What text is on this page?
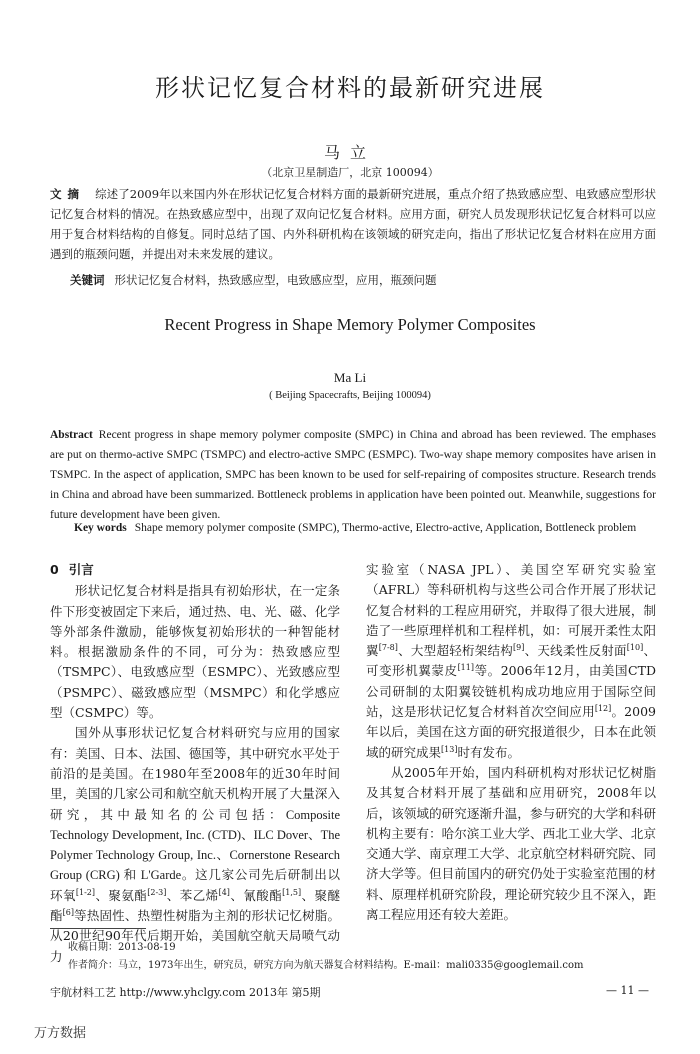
形状记忆复合材料的最新研究进展
马立
（北京卫星制造厂，北京 100094）
文摘 综述了2009年以来国内外在形状记忆复合材料方面的最新研究进展，重点介绍了热致感应型、电致感应型形状记忆复合材料的情况。在热致感应型中，出现了双向记忆复合材料。应用方面，研究人员发现形状记忆复合材料可以应用于复合材料结构的自修复。同时总结了国、内外科研机构在该领域的研究走向，指出了形状记忆复合材料在应用方面遇到的瓶颈问题，并提出对未来发展的建议。
关键词 形状记忆复合材料，热致感应型，电致感应型，应用，瓶颈问题
Recent Progress in Shape Memory Polymer Composites
Ma Li
( Beijing Spacecrafts, Beijing 100094)
Abstract Recent progress in shape memory polymer composite (SMPC) in China and abroad has been reviewed. The emphases are put on thermo-active SMPC (TSMPC) and electro-active SMPC (ESMPC). Two-way shape memory composites have arisen in TSMPC. In the aspect of application, SMPC has been known to be used for self-repairing of composites structure. Research trends in China and abroad have been summarized. Bottleneck problems in application have been pointed out. Meanwhile, suggestions for future development have been given.
Key words Shape memory polymer composite (SMPC), Thermo-active, Electro-active, Application, Bottleneck problem
0 引言

形状记忆复合材料是指具有初始形状，在一定条件下形变被固定下来后，通过热、电、光、磁、化学等外部条件激励，能够恢复初始形状的一种智能材料。根据激励条件的不同，可分为：热致感应型（TSMPC）、电致感应型（ESMPC）、光致感应型（PSMPC）、磁致感应型（MSMPC）和化学感应型（CSMPC）等。

国外从事形状记忆复合材料研究与应用的国家有：美国、日本、法国、德国等，其中研究水平处于前沿的是美国。在1980年至2008年的近30年时间里，美国的几家公司和航空航天机构开展了大量深入研究，其中最知名的公司包括：Composite Technology Development, Inc. (CTD)、ILC Dover、The Polymer Technology Group, Inc.、Cornerstone Research Group (CRG) 和 L'Garde。这几家公司先后研制出以环氧[1-2]、聚氨酯[2-3]、苯乙烯[4]、氰酸酯[1,5]、聚醚酯[6]等热固性、热塑性树脂为主剂的形状记忆树脂。从20世纪90年代后期开始，美国航空航天局喷气动力

实验室（NASA JPL）、美国空军研究实验室（AFRL）等科研机构与这些公司合作开展了形状记忆复合材料的工程应用研究，并取得了很大进展，制造了一些原理样机和工程样机，如：可展开柔性太阳翼[7-8]、大型超轻桁架结构[9]、天线柔性反射面[10]、可变形机翼蒙皮[11]等。2006年12月，由美国CTD公司研制的太阳翼铰链机构成功地应用于国际空间站，这是形状记忆复合材料首次空间应用[12]。2009年以后，美国在这方面的研究报道很少，日本在此领域的研究成果[13]时有发布。

从2005年开始，国内科研机构对形状记忆树脂及其复合材料开展了基础和应用研究，2008年以后，该领域的研究逐渐升温，参与研究的大学和科研机构主要有：哈尔滨工业大学、西北工业大学、北京交通大学、南京理工大学、北京航空材料研究院、同济大学等。但目前国内的研究仍处于实验室范围的材料、原理样机研究阶段，理论研究较少且不深入，距离工程应用还有较大差距。

收稿日期：2013-08-19
作者简介：马立，1973年出生，研究员，研究方向为航天器复合材料结构。E-mail：mali0335@googlemail.com
宇航材料工艺 http://www.yhclgy.com 2013年 第5期	— 11 —
万方数据
